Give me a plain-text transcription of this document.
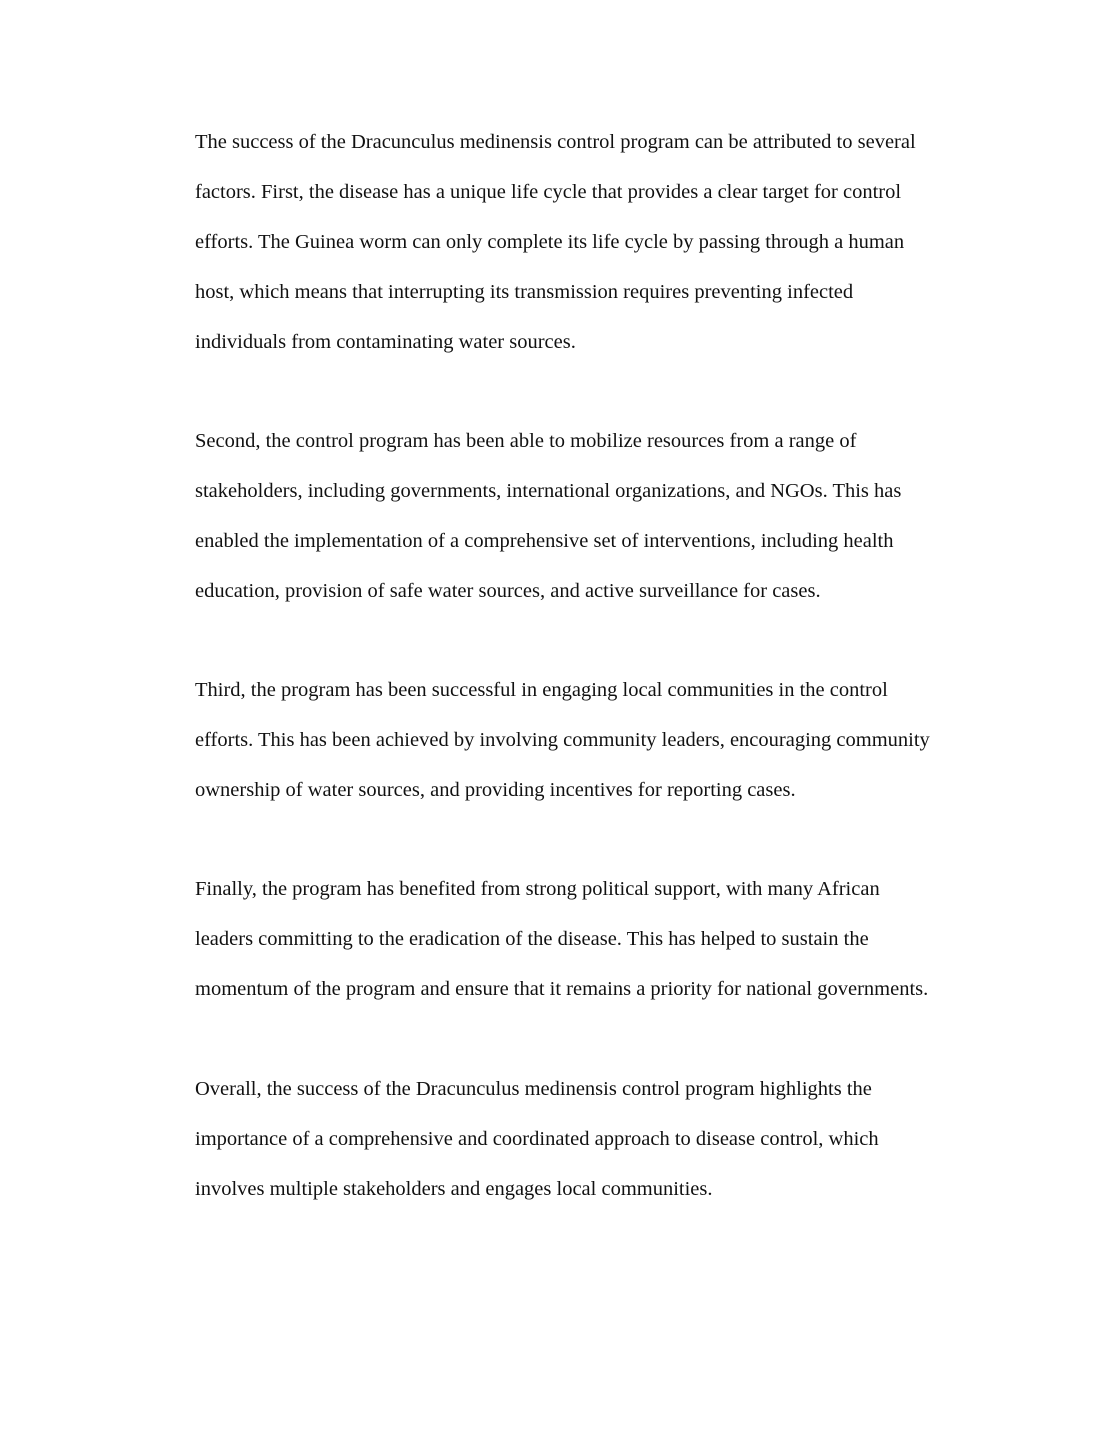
The success of the Dracunculus medinensis control program can be attributed to several
factors. First, the disease has a unique life cycle that provides a clear target for control
efforts. The Guinea worm can only complete its life cycle by passing through a human
host, which means that interrupting its transmission requires preventing infected
individuals from contaminating water sources.
Second, the control program has been able to mobilize resources from a range of
stakeholders, including governments, international organizations, and NGOs. This has
enabled the implementation of a comprehensive set of interventions, including health
education, provision of safe water sources, and active surveillance for cases.
Third, the program has been successful in engaging local communities in the control
efforts. This has been achieved by involving community leaders, encouraging community
ownership of water sources, and providing incentives for reporting cases.
Finally, the program has benefited from strong political support, with many African
leaders committing to the eradication of the disease. This has helped to sustain the
momentum of the program and ensure that it remains a priority for national governments.
Overall, the success of the Dracunculus medinensis control program highlights the
importance of a comprehensive and coordinated approach to disease control, which
involves multiple stakeholders and engages local communities.
